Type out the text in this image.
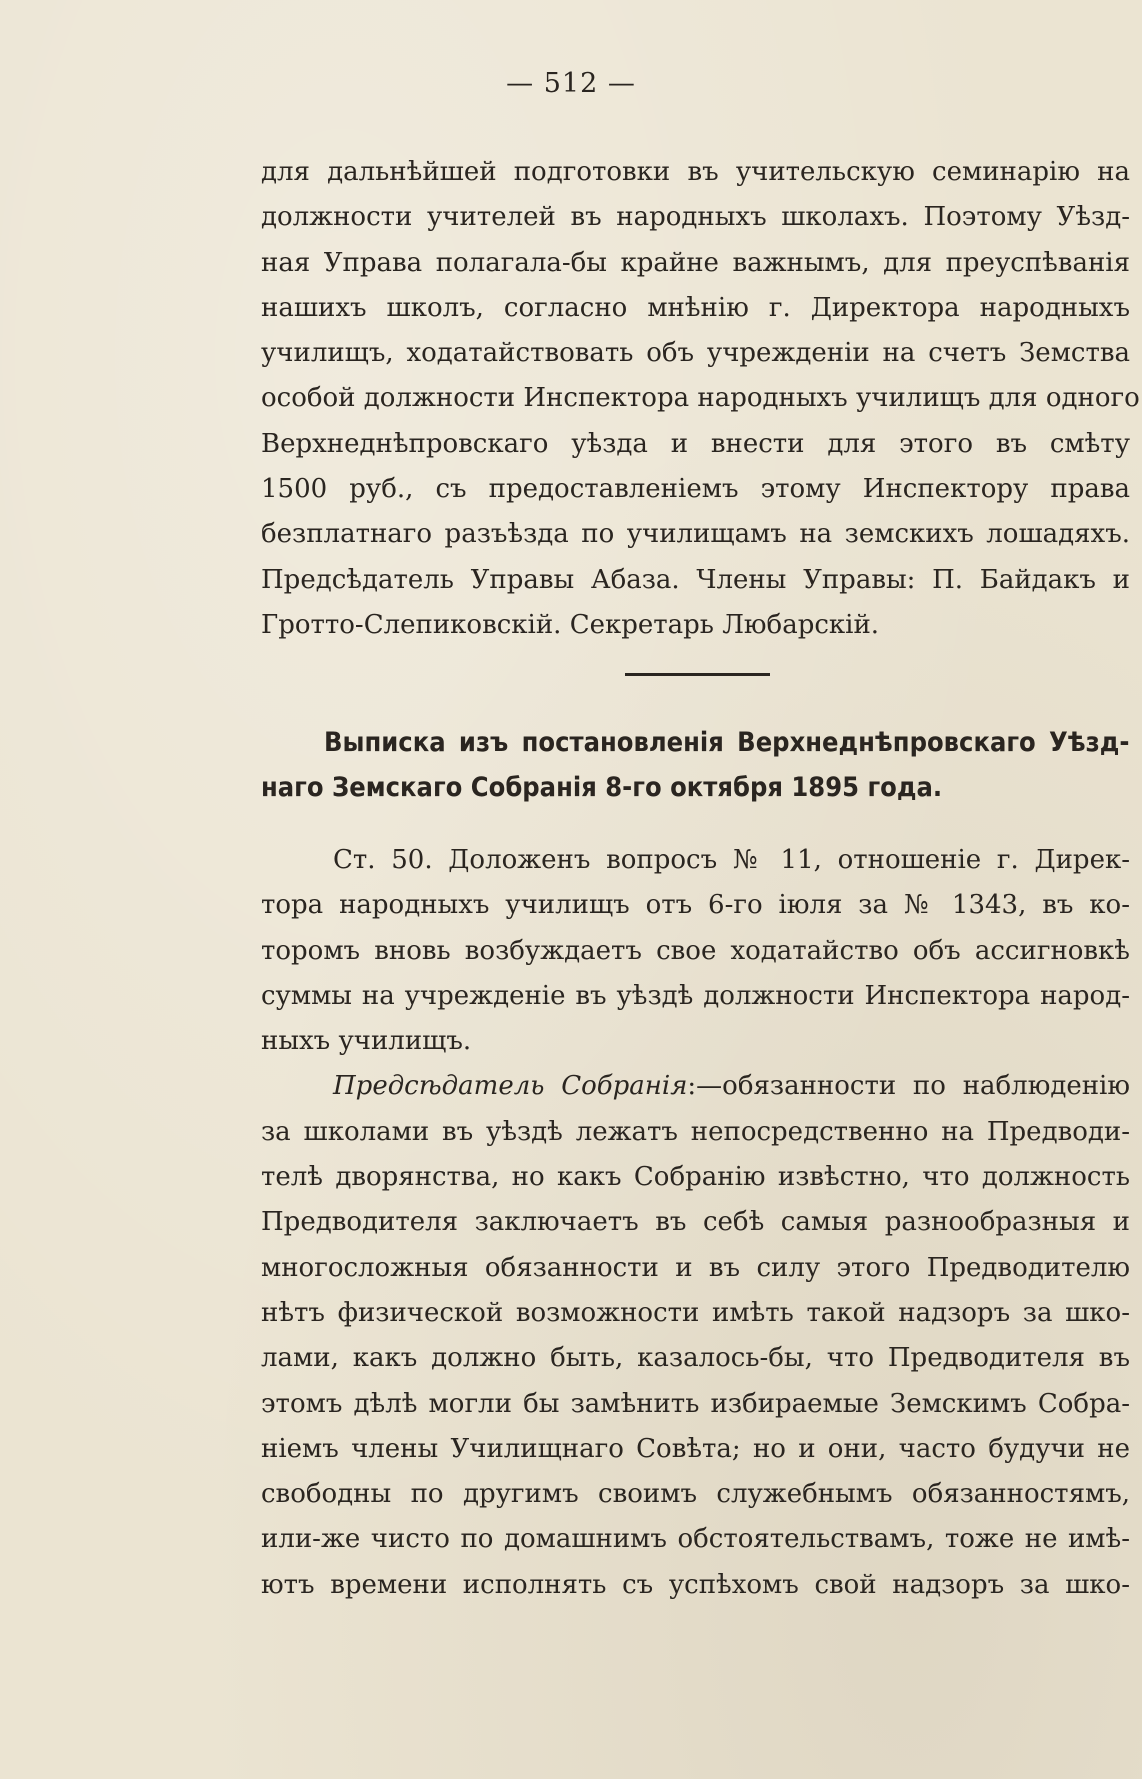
— 512 —
для дальнѣйшей подготовки въ учительскую семинарію на
должности учителей въ народныхъ школахъ. Поэтому Уѣзд-
ная Управа полагала-бы крайне важнымъ, для преуспѣванія
нашихъ школъ, согласно мнѣнію г. Директора народныхъ
училищъ, ходатайствовать объ учрежденіи на счетъ Земства
особой должности Инспектора народныхъ училищъ для одного
Верхнеднѣпровскаго уѣзда и внести для этого въ смѣту
1500 руб., съ предоставленіемъ этому Инспектору права
безплатнаго разъѣзда по училищамъ на земскихъ лошадяхъ.
Предсѣдатель Управы Абаза. Члены Управы: П. Байдакъ и
Гротто-Слепиковскій. Секретарь Любарскій.
Выписка изъ постановленія Верхнеднѣпровскаго Уѣзд-
наго Земскаго Собранія 8-го октября 1895 года.
Ст. 50. Доложенъ вопросъ № 11, отношеніе г. Дирек-
тора народныхъ училищъ отъ 6-го іюля за № 1343, въ ко-
торомъ вновь возбуждаетъ свое ходатайство объ ассигновкѣ
суммы на учрежденіе въ уѣздѣ должности Инспектора народ-
ныхъ училищъ.
Предсѣдатель Собранія:—обязанности по наблюденію
за школами въ уѣздѣ лежатъ непосредственно на Предводи-
телѣ дворянства, но какъ Собранію извѣстно, что должность
Предводителя заключаетъ въ себѣ самыя разнообразныя и
многосложныя обязанности и въ силу этого Предводителю
нѣтъ физической возможности имѣть такой надзоръ за шко-
лами, какъ должно быть, казалось-бы, что Предводителя въ
этомъ дѣлѣ могли бы замѣнить избираемые Земскимъ Собра-
ніемъ члены Училищнаго Совѣта; но и они, часто будучи не
свободны по другимъ своимъ служебнымъ обязанностямъ,
или-же чисто по домашнимъ обстоятельствамъ, тоже не имѣ-
ютъ времени исполнять съ успѣхомъ свой надзоръ за шко-
